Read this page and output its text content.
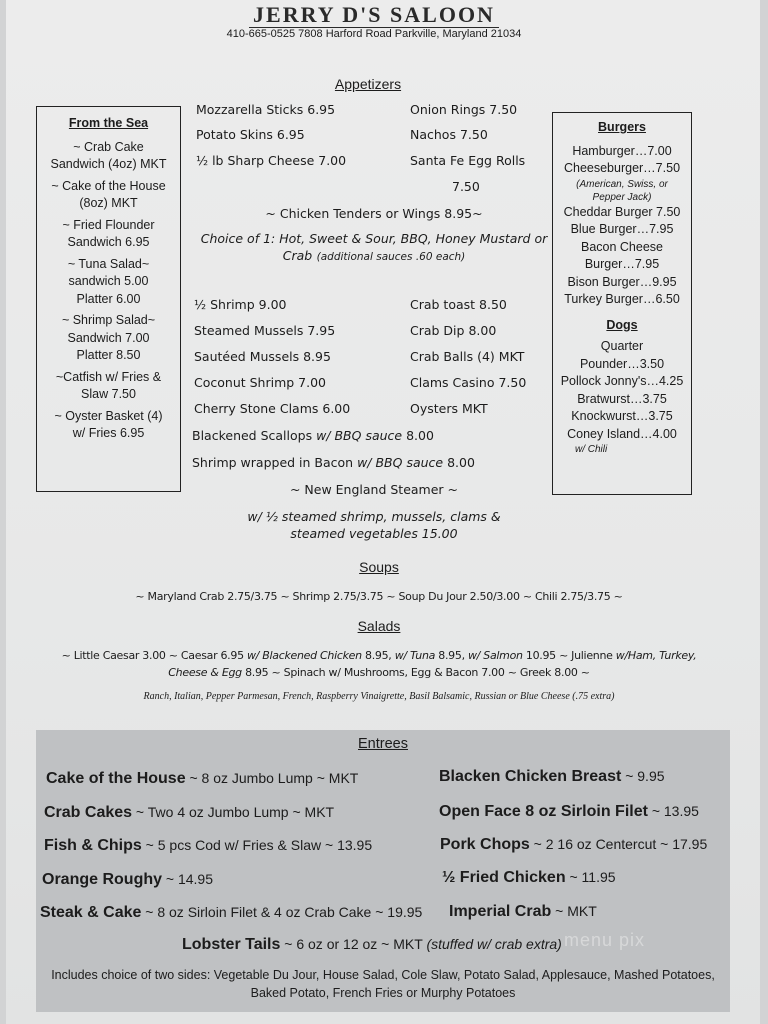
JERRY D'S SALOON
410-665-0525 7808 Harford Road Parkville, Maryland 21034
Appetizers
Mozzarella Sticks 6.95	Onion Rings 7.50
Potato Skins 6.95	Nachos 7.50
½ lb Sharp Cheese 7.00	Santa Fe Egg Rolls
7.50
~ Chicken Tenders or Wings 8.95~
Choice of 1: Hot, Sweet & Sour, BBQ, Honey Mustard or
Crab (additional sauces .60 each)
½ Shrimp 9.00	Crab toast 8.50
Steamed Mussels 7.95	Crab Dip 8.00
Sautéed Mussels 8.95	Crab Balls (4) MKT
Coconut Shrimp 7.00	Clams Casino 7.50
Cherry Stone Clams 6.00	Oysters MKT
Blackened Scallops w/ BBQ sauce 8.00
Shrimp wrapped in Bacon w/ BBQ sauce 8.00
~ New England Steamer ~
w/ ½ steamed shrimp, mussels, clams &
steamed vegetables 15.00
From the Sea
~ Crab Cake
Sandwich (4oz) MKT
~ Cake of the House
(8oz) MKT
~ Fried Flounder
Sandwich 6.95
~ Tuna Salad~
sandwich 5.00
Platter 6.00
~ Shrimp Salad~
Sandwich 7.00
Platter 8.50
~Catfish w/ Fries &
Slaw 7.50
~ Oyster Basket (4)
w/ Fries 6.95
Burgers
Hamburger…7.00
Cheeseburger…7.50
(American, Swiss, or
Pepper Jack)
Cheddar Burger 7.50
Blue Burger…7.95
Bacon Cheese
Burger…7.95
Bison Burger…9.95
Turkey Burger…6.50
Dogs
Quarter
Pounder…3.50
Pollock Jonny's…4.25
Bratwurst…3.75
Knockwurst…3.75
Coney Island…4.00
w/ Chili
Soups
~ Maryland Crab 2.75/3.75 ~ Shrimp 2.75/3.75 ~ Soup Du Jour 2.50/3.00 ~ Chili 2.75/3.75 ~
Salads
~ Little Caesar 3.00 ~ Caesar 6.95 w/ Blackened Chicken 8.95, w/ Tuna 8.95, w/ Salmon 10.95 ~ Julienne w/Ham, Turkey,
Cheese & Egg 8.95 ~ Spinach w/ Mushrooms, Egg & Bacon 7.00 ~ Greek 8.00 ~
Ranch, Italian, Pepper Parmesan, French, Raspberry Vinaigrette, Basil Balsamic, Russian or Blue Cheese (.75 extra)
Entrees
Cake of the House ~ 8 oz Jumbo Lump ~ MKT
Crab Cakes ~ Two 4 oz Jumbo Lump ~ MKT
Fish & Chips ~ 5 pcs Cod w/ Fries & Slaw ~ 13.95
Orange Roughy ~ 14.95
Steak & Cake ~ 8 oz Sirloin Filet & 4 oz Crab Cake ~ 19.95
Blacken Chicken Breast ~ 9.95
Open Face 8 oz Sirloin Filet ~ 13.95
Pork Chops ~ 2 16 oz Centercut ~ 17.95
½ Fried Chicken ~ 11.95
Imperial Crab ~ MKT
Lobster Tails ~ 6 oz or 12 oz ~ MKT (stuffed w/ crab extra) menu pix
Includes choice of two sides: Vegetable Du Jour, House Salad, Cole Slaw, Potato Salad, Applesauce, Mashed Potatoes,
Baked Potato, French Fries or Murphy Potatoes
